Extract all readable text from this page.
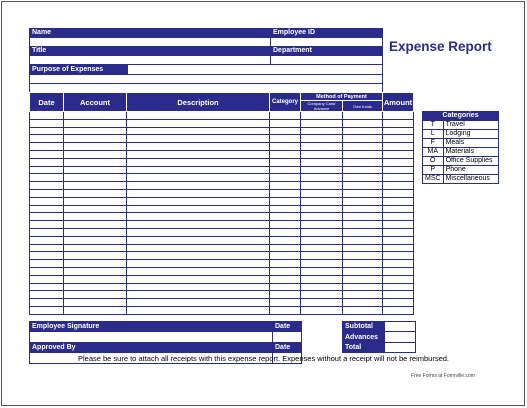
Name	Employee ID

Title	Department

Purpose of Expenses	

Expense Report
Date	Account	Description	Category	Method of Payment		Amount
				Company Card/ Advance	Own funds	

Categories	
T	Travel
L	Lodging
F	Meals
MA	Materials
O	Office Supplies
P	Phone
MSC	Miscellaneous
Employee Signature	Date

Approved By	Date

Subtotal	
Advances	
Total	
Please be sure to attach all receipts with this expense report. Expenses without a receipt will not be reimbursed.
Free Forms at Formville.com
